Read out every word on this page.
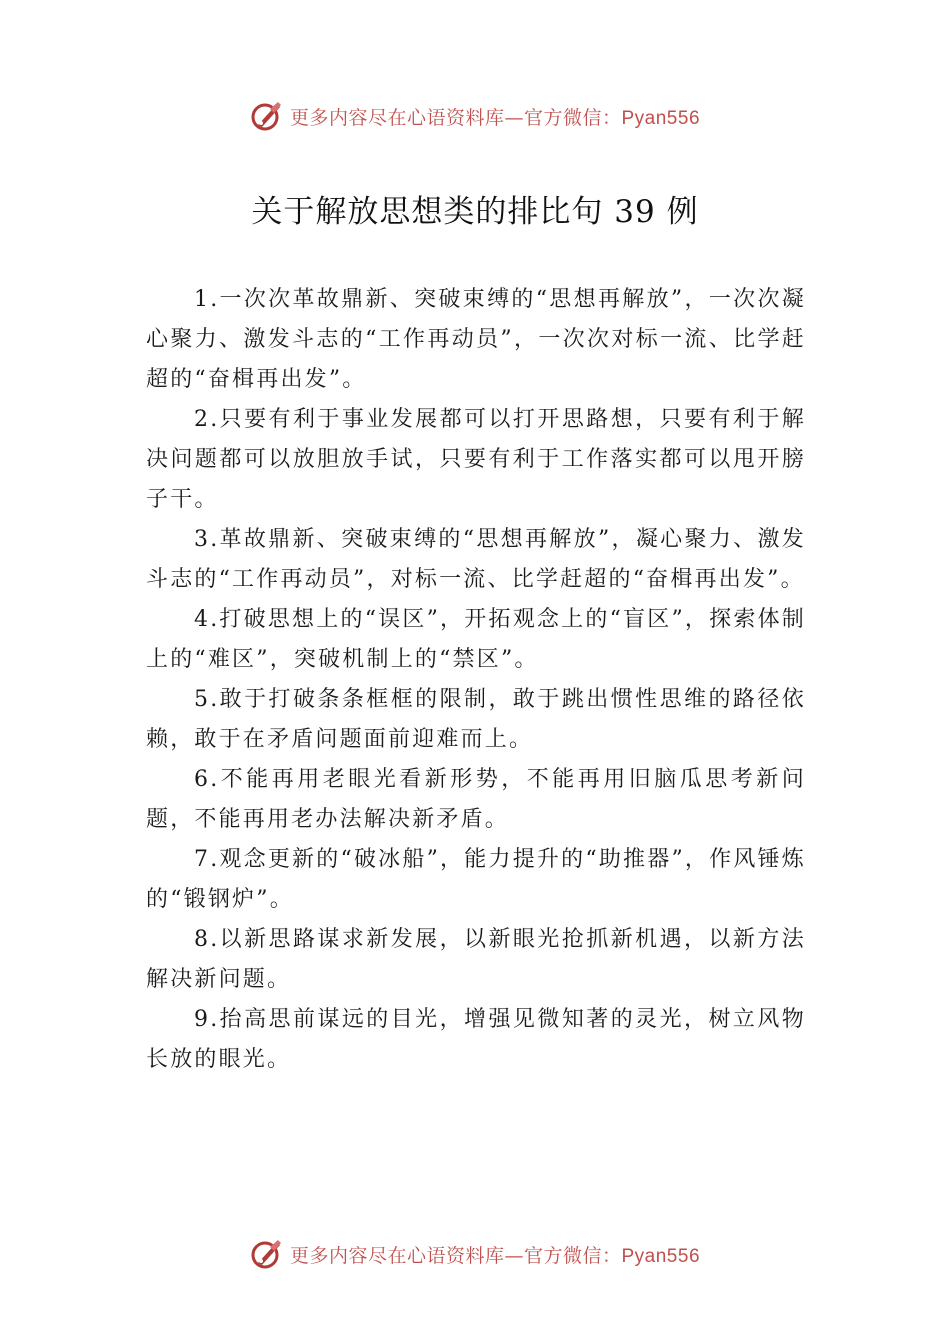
更多内容尽在心语资料库—官方微信：Pyan556
关于解放思想类的排比句 39 例

1.一次次革故鼎新、突破束缚的“思想再解放”，一次次凝心聚力、激发斗志的“工作再动员”，一次次对标一流、比学赶超的“奋楫再出发”。

2.只要有利于事业发展都可以打开思路想，只要有利于解决问题都可以放胆放手试，只要有利于工作落实都可以甩开膀子干。

3.革故鼎新、突破束缚的“思想再解放”，凝心聚力、激发斗志的“工作再动员”，对标一流、比学赶超的“奋楫再出发”。

4.打破思想上的“误区”，开拓观念上的“盲区”，探索体制上的“难区”，突破机制上的“禁区”。

5.敢于打破条条框框的限制，敢于跳出惯性思维的路径依赖，敢于在矛盾问题面前迎难而上。

6.不能再用老眼光看新形势，不能再用旧脑瓜思考新问题，不能再用老办法解决新矛盾。

7.观念更新的“破冰船”，能力提升的“助推器”，作风锤炼的“锻钢炉”。

8.以新思路谋求新发展，以新眼光抢抓新机遇，以新方法解决新问题。

9.抬高思前谋远的目光，增强见微知著的灵光，树立风物长放的眼光。

更多内容尽在心语资料库—官方微信：Pyan556
